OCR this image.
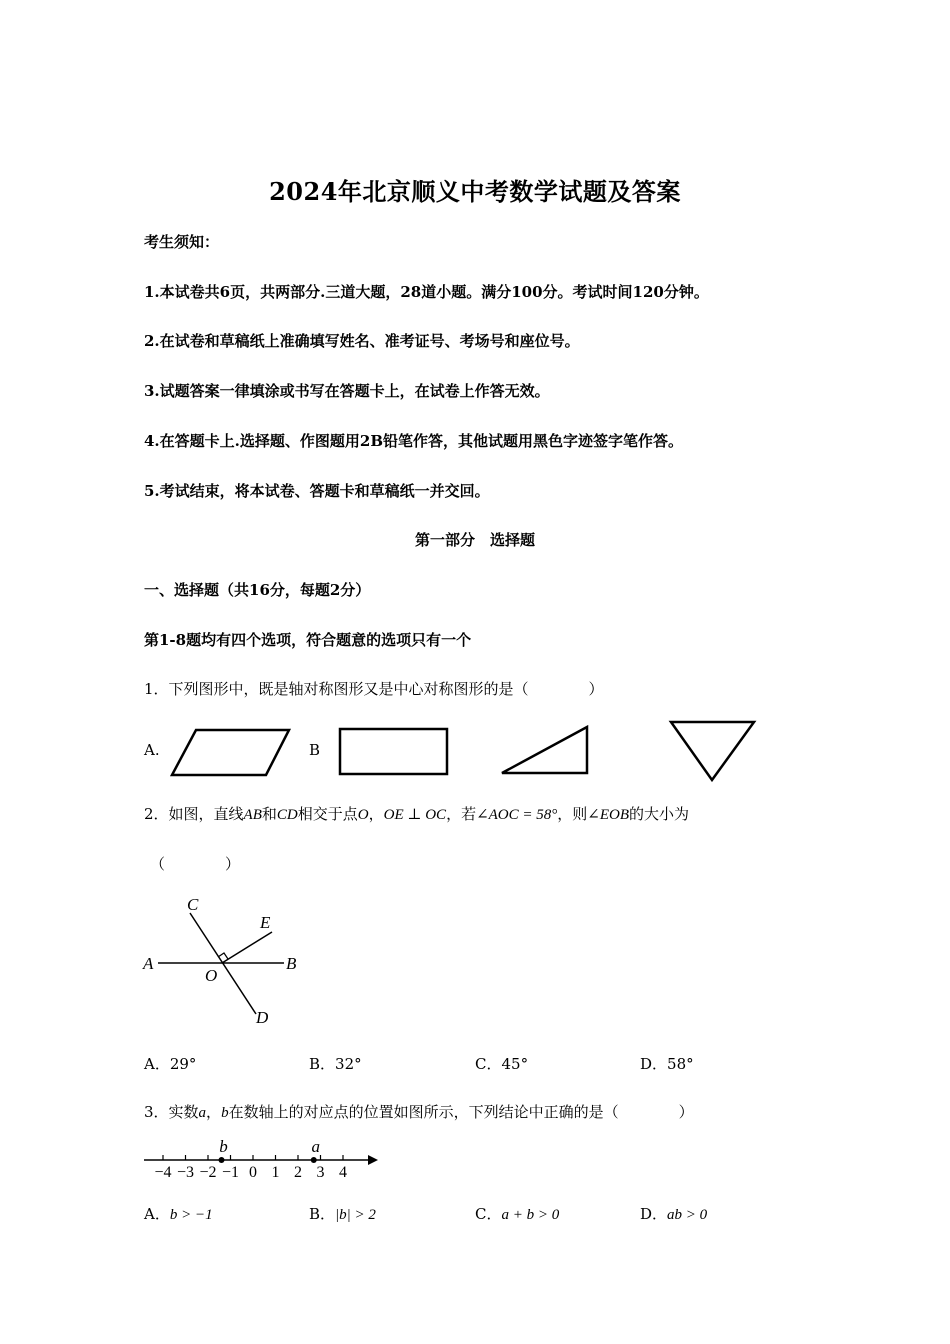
2024年北京顺义中考数学试题及答案
考生须知：
1.本试卷共6页，共两部分.三道大题，28道小题。满分100分。考试时间120分钟。
2.在试卷和草稿纸上准确填写姓名、准考证号、考场号和座位号。
3.试题答案一律填涂或书写在答题卡上，在试卷上作答无效。
4.在答题卡上.选择题、作图题用2B铅笔作答，其他试题用黑色字迹签字笔作答。
5.考试结束，将本试卷、答题卡和草稿纸一并交回。
第一部分　选择题
一、选择题（共16分，每题2分）
第1-8题均有四个选项，符合题意的选项只有一个
1．下列图形中，既是轴对称图形又是中心对称图形的是（　　　　）
A.	B
2．如图，直线AB和CD相交于点O，OE ⊥ OC，若∠AOC = 58°，则∠EOB的大小为
（　　　　）
C
E
A	B
O
D
A．29°	B．32°	C．45°	D．58°
3．实数a，b在数轴上的对应点的位置如图所示，下列结论中正确的是（　　　　）
−4 −3 −2 −1 0 1 2 3 4
b	a
A．b > −1	B．|b| > 2	C．a + b > 0	D．ab > 0
